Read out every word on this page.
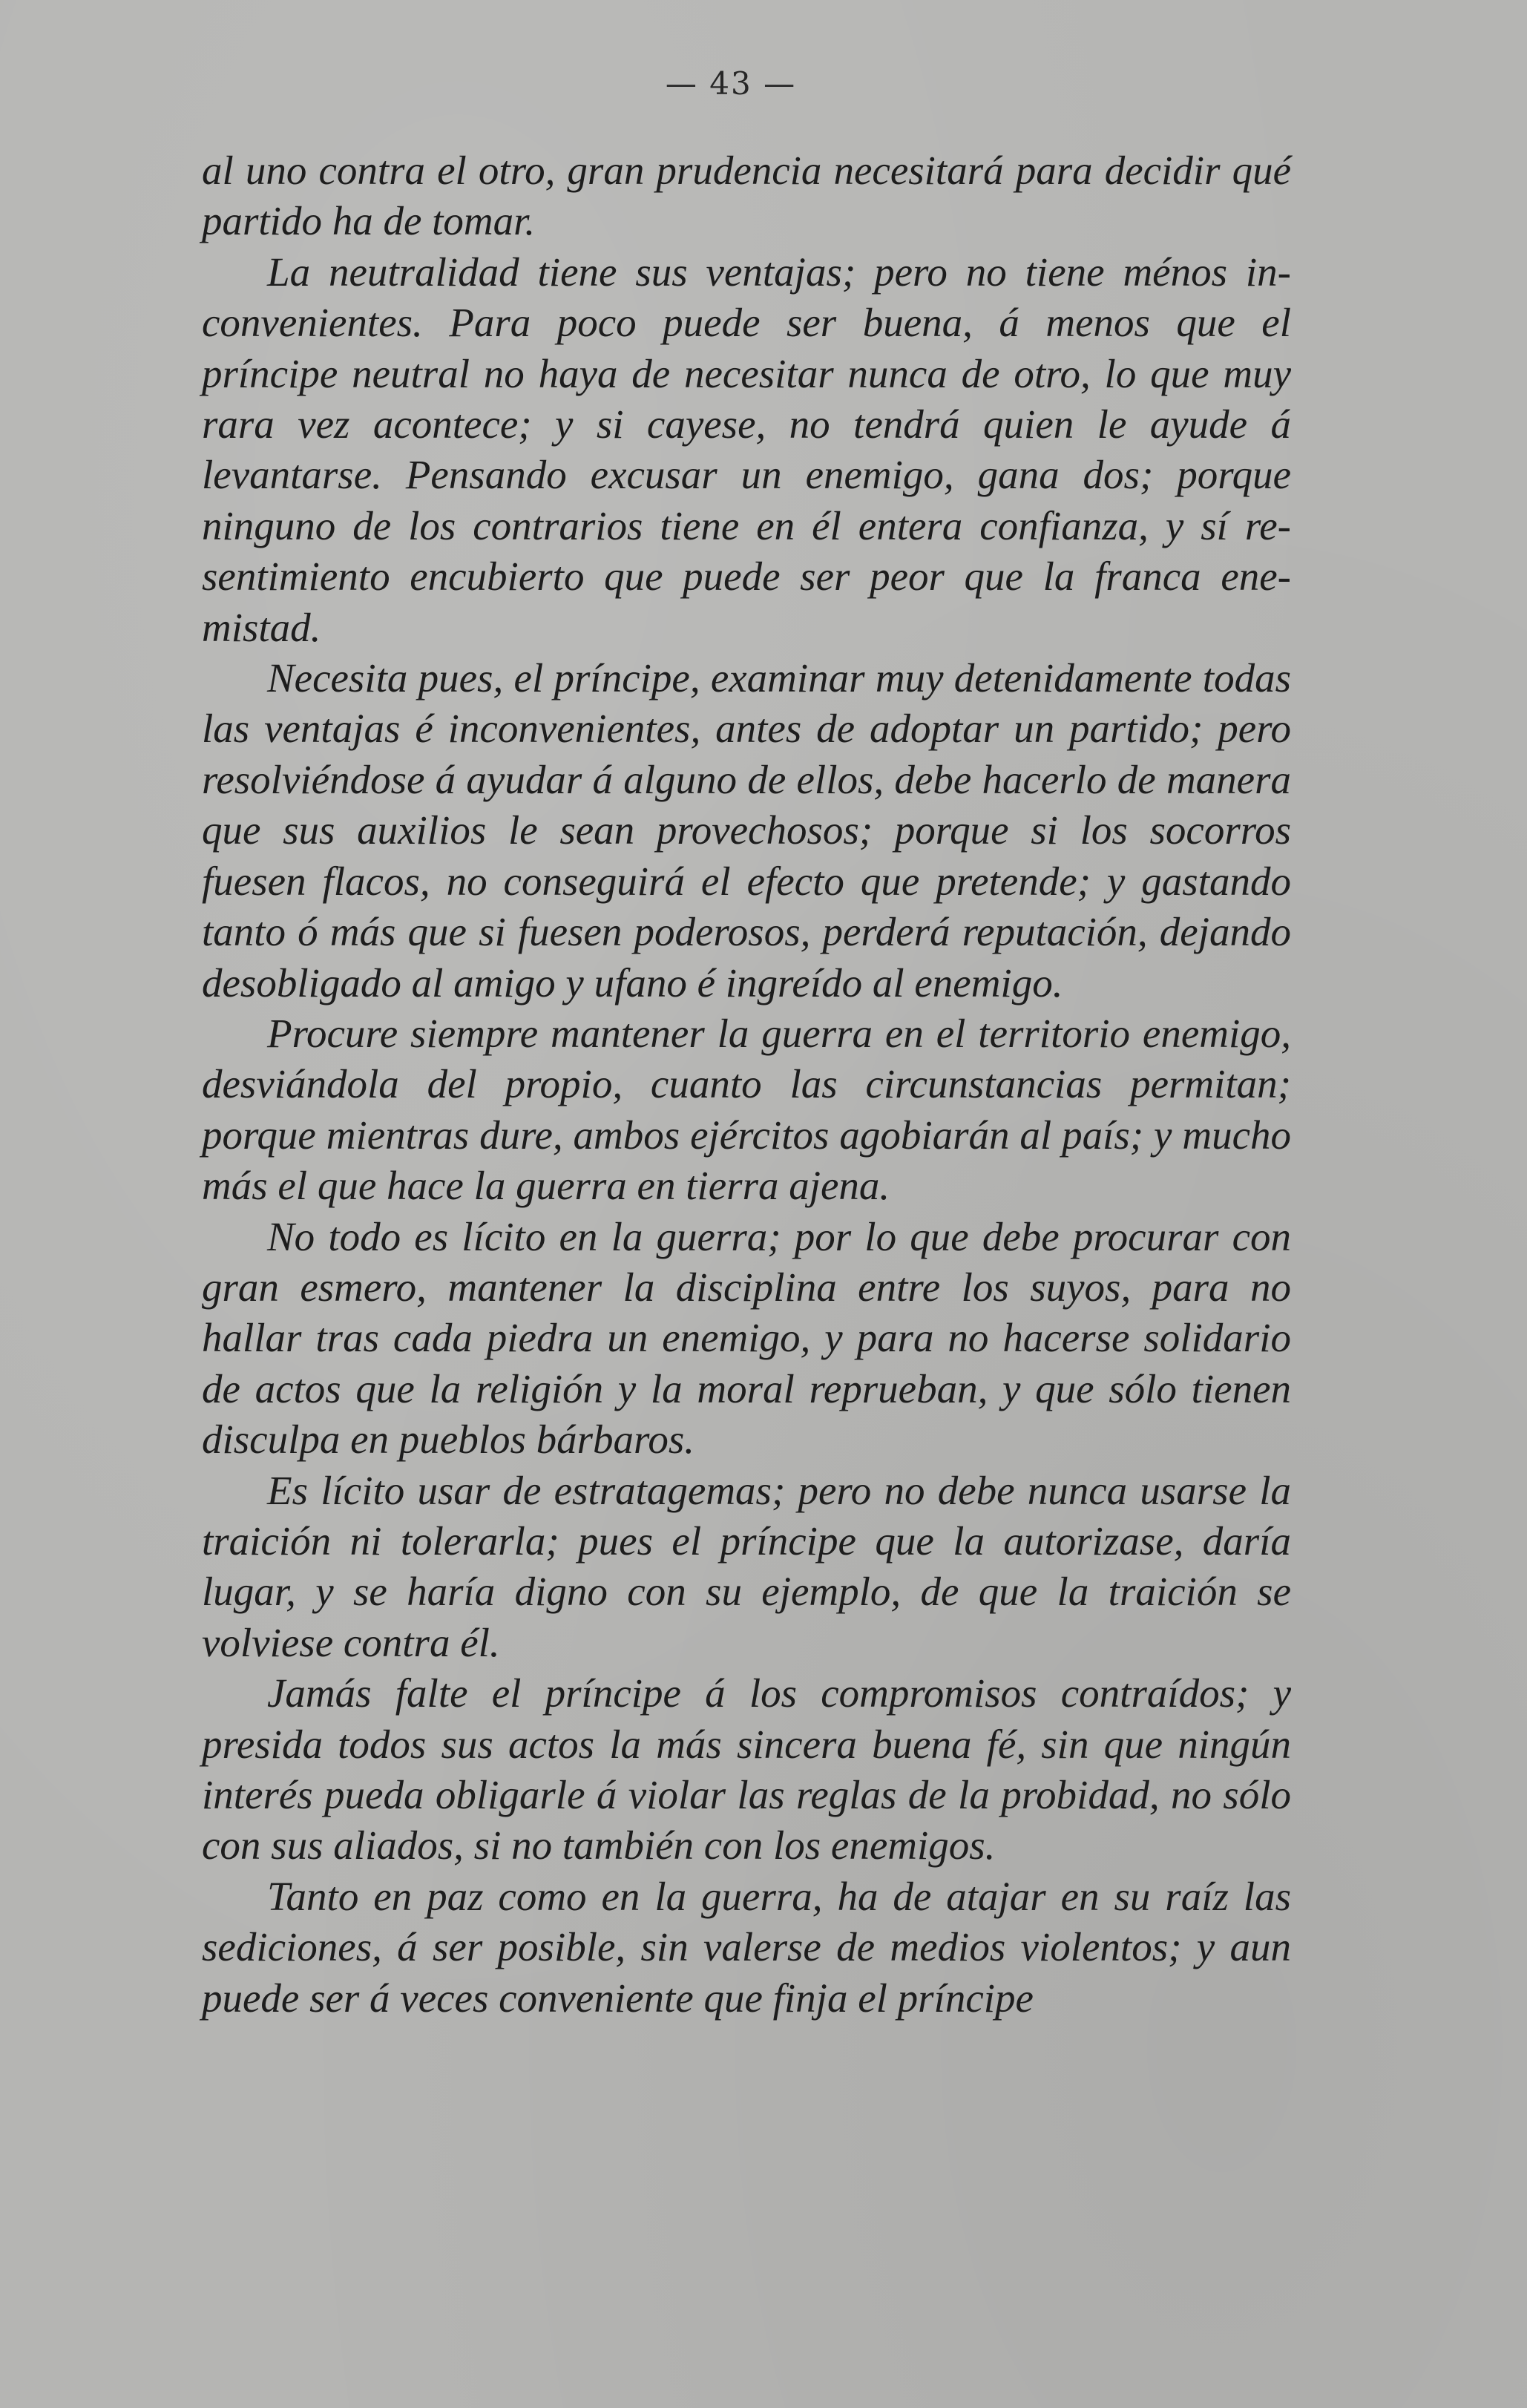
— 43 —

al uno contra el otro, gran prudencia necesitará para decidir qué partido ha de tomar.

La neutralidad tiene sus ventajas; pero no tiene ménos inconvenientes. Para poco puede ser buena, á menos que el príncipe neutral no haya de necesitar nunca de otro, lo que muy rara vez acontece; y si cayese, no tendrá quien le ayude á levantarse. Pensando excusar un enemigo, gana dos; porque ninguno de los contrarios tiene en él entera confianza, y sí resentimiento encubierto que puede ser peor que la franca enemistad.

Necesita pues, el príncipe, examinar muy detenidamente todas las ventajas é inconvenientes, antes de adoptar un partido; pero resolviéndose á ayudar á alguno de ellos, debe hacerlo de manera que sus auxilios le sean provechosos; porque si los socorros fuesen flacos, no conseguirá el efecto que pretende; y gastando tanto ó más que si fuesen poderosos, perderá reputación, dejando desobligado al amigo y ufano é ingreído al enemigo.

Procure siempre mantener la guerra en el territorio enemigo, desviándola del propio, cuanto las circunstancias permitan; porque mientras dure, ambos ejércitos agobiarán al país; y mucho más el que hace la guerra en tierra ajena.

No todo es lícito en la guerra; por lo que debe procurar con gran esmero, mantener la disciplina entre los suyos, para no hallar tras cada piedra un enemigo, y para no hacerse solidario de actos que la religión y la moral reprueban, y que sólo tienen disculpa en pueblos bárbaros.

Es lícito usar de estratagemas; pero no debe nunca usarse la traición ni tolerarla; pues el príncipe que la autorizase, daría lugar, y se haría digno con su ejemplo, de que la traición se volviese contra él.

Jamás falte el príncipe á los compromisos contraídos; y presida todos sus actos la más sincera buena fé, sin que ningún interés pueda obligarle á violar las reglas de la probidad, no sólo con sus aliados, si no también con los enemigos.

Tanto en paz como en la guerra, ha de atajar en su raíz las sediciones, á ser posible, sin valerse de medios violentos; y aun puede ser á veces conveniente que finja el príncipe
